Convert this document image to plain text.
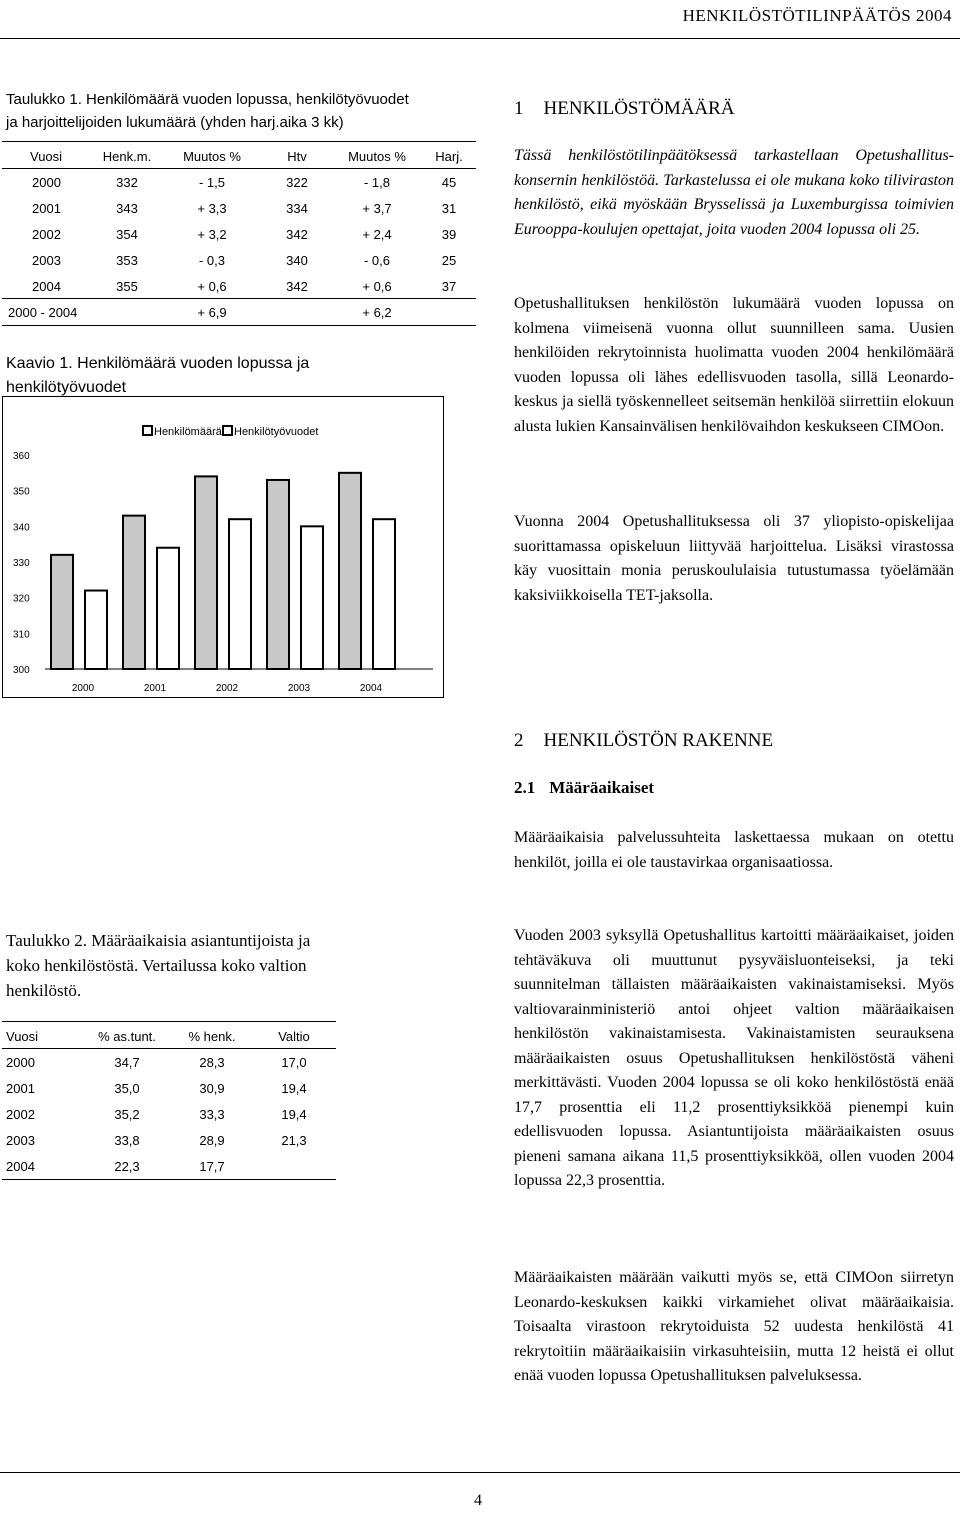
HENKILÖSTÖTILINPÄÄTÖS 2004
Taulukko 1. Henkilömäärä vuoden lopussa, henkilötyövuodet
ja harjoittelijoiden lukumäärä (yhden harj.aika 3 kk)
Vuosi	Henk.m.	Muutos %	Htv	Muutos %	Harj.
2000	332	- 1,5	322	- 1,8	45
2001	343	+ 3,3	334	+ 3,7	31
2002	354	+ 3,2	342	+ 2,4	39
2003	353	- 0,3	340	- 0,6	25
2004	355	+ 0,6	342	+ 0,6	37
2000 - 2004		+ 6,9		+ 6,2	
Kaavio 1. Henkilömäärä vuoden lopussa ja
henkilötyövuodet
300
310
320
330
340
350
360
2000	2001	2002	2003	2004
Henkilömäärä Henkilötyövuodet
1 HENKILÖSTÖMÄÄRÄ

Tässä henkilöstötilinpäätöksessä tarkastellaan Opetushallitus-konsernin henkilöstöä. Tarkastelussa ei ole mukana koko tiliviraston henkilöstö, eikä myöskään Brysselissä ja Luxemburgissa toimivien Eurooppa-koulujen opettajat, joita vuoden 2004 lopussa oli 25.

Opetushallituksen henkilöstön lukumäärä vuoden lopussa on kolmena viimeisenä vuonna ollut suunnilleen sama. Uusien henkilöiden rekrytoinnista huolimatta vuoden 2004 henkilömäärä vuoden lopussa oli lähes edellisvuoden tasolla, sillä Leonardo-keskus ja siellä työskennelleet seitsemän henkilöä siirrettiin elokuun alusta lukien Kansainvälisen henkilövaihdon keskukseen CIMOon.

Vuonna 2004 Opetushallituksessa oli 37 yliopisto-opiskelijaa suorittamassa opiskeluun liittyvää harjoittelua. Lisäksi virastossa käy vuosittain monia peruskoululaisia tutustumassa työelämään kaksiviikkoisella TET-jaksolla.

2 HENKILÖSTÖN RAKENNE
2.1 Määräaikaiset

Määräaikaisia palvelussuhteita laskettaessa mukaan on otettu henkilöt, joilla ei ole taustavirkaa organisaatiossa.

Vuoden 2003 syksyllä Opetushallitus kartoitti määräaikaiset, joiden tehtäväkuva oli muuttunut pysyväisluonteiseksi, ja teki suunnitelman tällaisten määräaikaisten vakinaistamiseksi. Myös valtiovarainministeriö antoi ohjeet valtion määräaikaisen henkilöstön vakinaistamisesta. Vakinaistamisten seurauksena määräaikaisten osuus Opetushallituksen henkilöstöstä väheni merkittävästi. Vuoden 2004 lopussa se oli koko henkilöstöstä enää 17,7 prosenttia eli 11,2 prosenttiyksikköä pienempi kuin edellisvuoden lopussa. Asiantuntijoista määräaikaisten osuus pieneni samana aikana 11,5 prosenttiyksikköä, ollen vuoden 2004 lopussa 22,3 prosenttia.

Määräaikaisten määrään vaikutti myös se, että CIMOon siirretyn Leonardo-keskuksen kaikki virkamiehet olivat määräaikaisia. Toisaalta virastoon rekrytoiduista 52 uudesta henkilöstä 41 rekrytoitiin määräaikaisiin virkasuhteisiin, mutta 12 heistä ei ollut enää vuoden lopussa Opetushallituksen palveluksessa.

Taulukko 2. Määräaikaisia asiantuntijoista ja
koko henkilöstöstä. Vertailussa koko valtion
henkilöstö.
Vuosi	% as.tunt.	% henk.	Valtio
2000	34,7	28,3	17,0
2001	35,0	30,9	19,4
2002	35,2	33,3	19,4
2003	33,8	28,9	21,3
2004	22,3	17,7	
4
